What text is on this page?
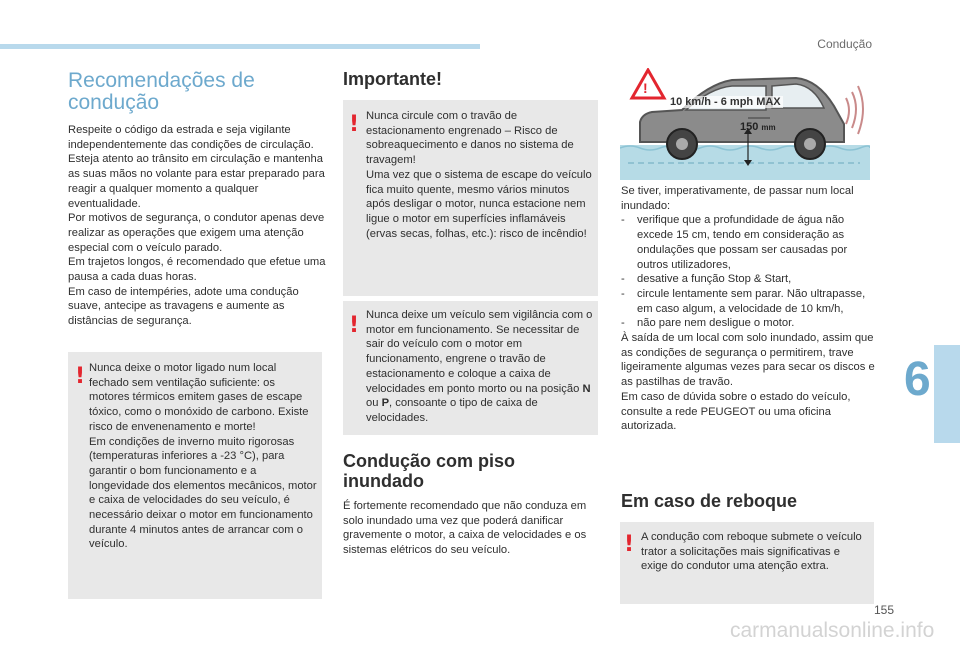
Condução
Recomendações de condução
Respeite o código da estrada e seja vigilante independentemente das condições de circulação.
Esteja atento ao trânsito em circulação e mantenha as suas mãos no volante para estar preparado para reagir a qualquer momento a qualquer eventualidade.
Por motivos de segurança, o condutor apenas deve realizar as operações que exigem uma atenção especial com o veículo parado.
Em trajetos longos, é recomendado que efetue uma pausa a cada duas horas.
Em caso de intempéries, adote uma condução suave, antecipe as travagens e aumente as distâncias de segurança.
! Nunca deixe o motor ligado num local fechado sem ventilação suficiente: os motores térmicos emitem gases de escape tóxico, como o monóxido de carbono. Existe risco de envenenamento e morte!
Em condições de inverno muito rigorosas (temperaturas inferiores a -23 °C), para garantir o bom funcionamento e a longevidade dos elementos mecânicos, motor e caixa de velocidades do seu veículo, é necessário deixar o motor em funcionamento durante 4 minutos antes de arrancar com o veículo.
Importante!
! Nunca circule com o travão de estacionamento engrenado – Risco de sobreaquecimento e danos no sistema de travagem!
Uma vez que o sistema de escape do veículo fica muito quente, mesmo vários minutos após desligar o motor, nunca estacione nem ligue o motor em superfícies inflamáveis (ervas secas, folhas, etc.): risco de incêndio!
! Nunca deixe um veículo sem vigilância com o motor em funcionamento. Se necessitar de sair do veículo com o motor em funcionamento, engrene o travão de estacionamento e coloque a caixa de velocidades em ponto morto ou na posição N ou P, consoante o tipo de caixa de velocidades.
Condução com piso inundado
É fortemente recomendado que não conduza em solo inundado uma vez que poderá danificar gravemente o motor, a caixa de velocidades e os sistemas elétricos do seu veículo.
!
10 km/h - 6 mph MAX
150 mm

Se tiver, imperativamente, de passar num local inundado:

- verifique que a profundidade de água não excede 15 cm, tendo em consideração as ondulações que possam ser causadas por outros utilizadores,
- desative a função Stop & Start,
- circule lentamente sem parar. Não ultrapasse, em caso algum, a velocidade de 10 km/h,
- não pare nem desligue o motor.

À saída de um local com solo inundado, assim que as condições de segurança o permitirem, trave ligeiramente algumas vezes para secar os discos e as pastilhas de travão.
Em caso de dúvida sobre o estado do veículo, consulte a rede PEUGEOT ou uma oficina autorizada.

Em caso de reboque
! A condução com reboque submete o veículo trator a solicitações mais significativas e exige do condutor uma atenção extra.
6
155
carmanualsonline.info
